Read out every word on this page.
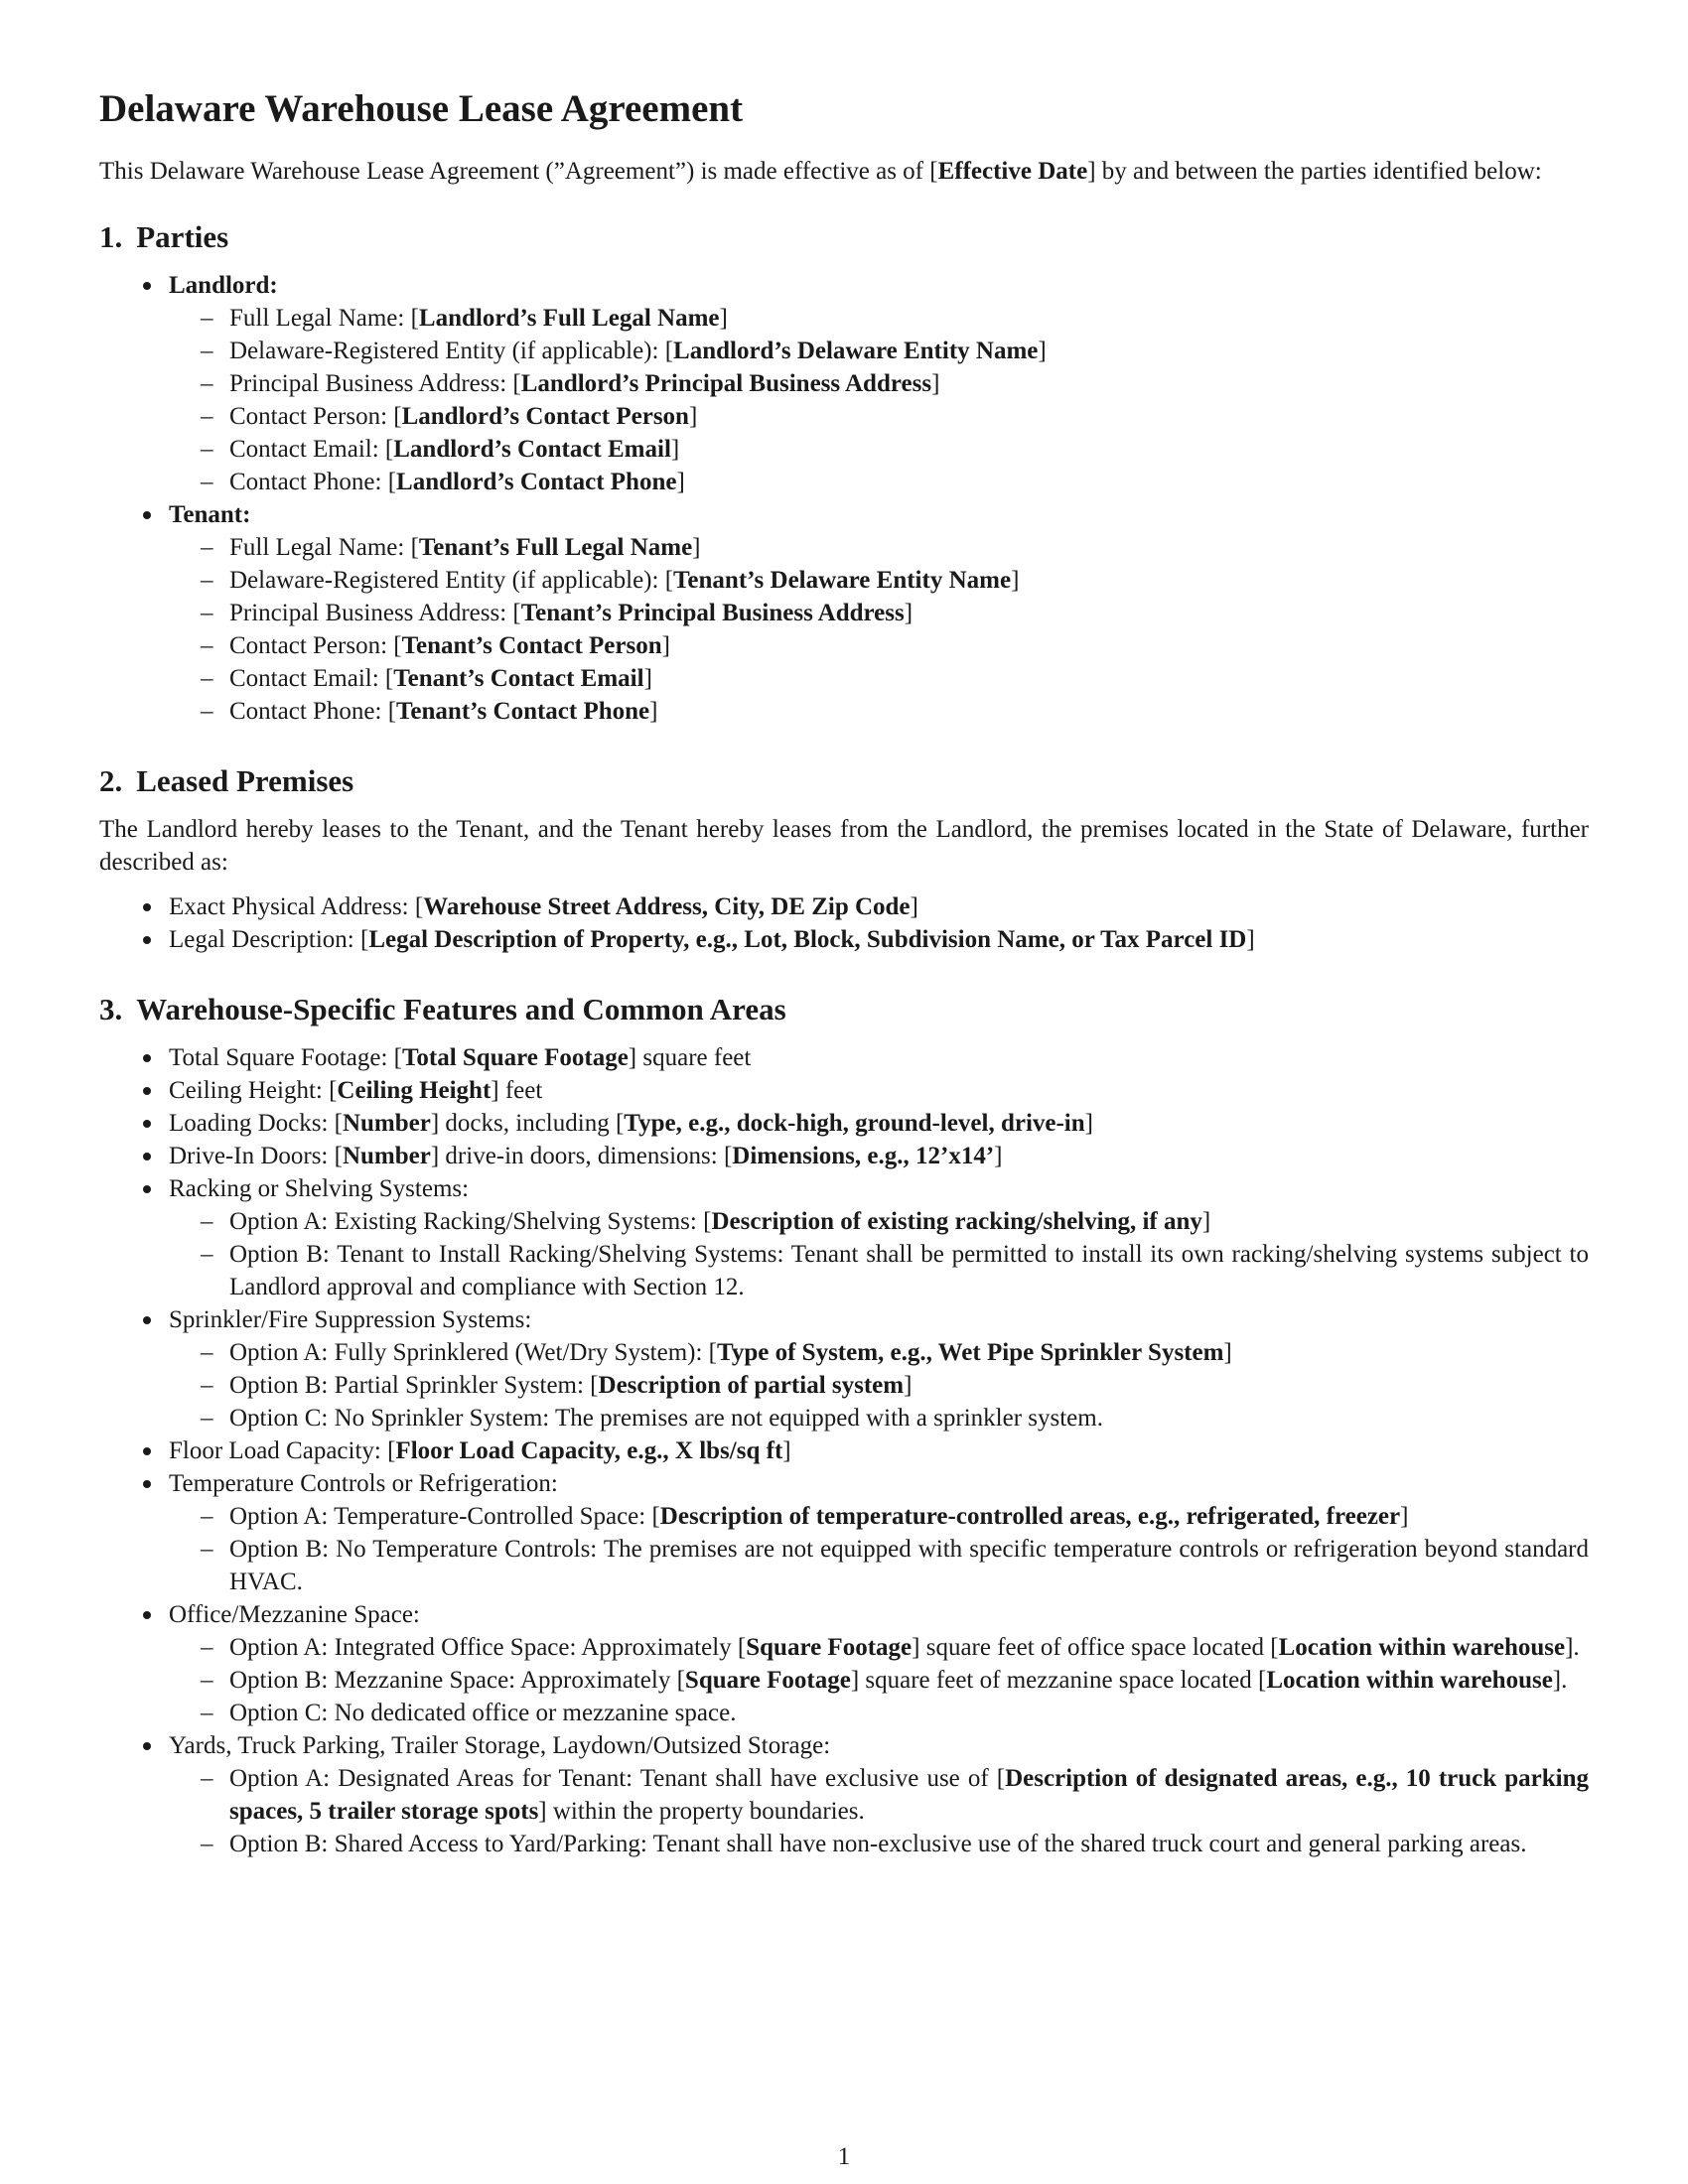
Delaware Warehouse Lease Agreement

This Delaware Warehouse Lease Agreement (”Agreement”) is made effective as of [Effective Date] by and between the parties identified below:

1. Parties
Landlord:
– Full Legal Name: [Landlord’s Full Legal Name]
– Delaware-Registered Entity (if applicable): [Landlord’s Delaware Entity Name]
– Principal Business Address: [Landlord’s Principal Business Address]
– Contact Person: [Landlord’s Contact Person]
– Contact Email: [Landlord’s Contact Email]
– Contact Phone: [Landlord’s Contact Phone]
Tenant:
– Full Legal Name: [Tenant’s Full Legal Name]
– Delaware-Registered Entity (if applicable): [Tenant’s Delaware Entity Name]
– Principal Business Address: [Tenant’s Principal Business Address]
– Contact Person: [Tenant’s Contact Person]
– Contact Email: [Tenant’s Contact Email]
– Contact Phone: [Tenant’s Contact Phone]
2. Leased Premises

The Landlord hereby leases to the Tenant, and the Tenant hereby leases from the Landlord, the premises located in the State of Delaware, further described as:

Exact Physical Address: [Warehouse Street Address, City, DE Zip Code]
Legal Description: [Legal Description of Property, e.g., Lot, Block, Subdivision Name, or Tax Parcel ID]
3. Warehouse-Specific Features and Common Areas
Total Square Footage: [Total Square Footage] square feet
Ceiling Height: [Ceiling Height] feet
Loading Docks: [Number] docks, including [Type, e.g., dock-high, ground-level, drive-in]
Drive-In Doors: [Number] drive-in doors, dimensions: [Dimensions, e.g., 12’x14’]
Racking or Shelving Systems:
– Option A: Existing Racking/Shelving Systems: [Description of existing racking/shelving, if any]
– Option B: Tenant to Install Racking/Shelving Systems: Tenant shall be permitted to install its own racking/shelving systems subject to Landlord approval and compliance with Section 12.
Sprinkler/Fire Suppression Systems:
– Option A: Fully Sprinklered (Wet/Dry System): [Type of System, e.g., Wet Pipe Sprinkler System]
– Option B: Partial Sprinkler System: [Description of partial system]
– Option C: No Sprinkler System: The premises are not equipped with a sprinkler system.
Floor Load Capacity: [Floor Load Capacity, e.g., X lbs/sq ft]
Temperature Controls or Refrigeration:
– Option A: Temperature-Controlled Space: [Description of temperature-controlled areas, e.g., refrigerated, freezer]
– Option B: No Temperature Controls: The premises are not equipped with specific temperature controls or refrigeration beyond standard HVAC.
Office/Mezzanine Space:
– Option A: Integrated Office Space: Approximately [Square Footage] square feet of office space located [Location within warehouse].
– Option B: Mezzanine Space: Approximately [Square Footage] square feet of mezzanine space located [Location within warehouse].
– Option C: No dedicated office or mezzanine space.
Yards, Truck Parking, Trailer Storage, Laydown/Outsized Storage:
– Option A: Designated Areas for Tenant: Tenant shall have exclusive use of [Description of designated areas, e.g., 10 truck parking spaces, 5 trailer storage spots] within the property boundaries.
– Option B: Shared Access to Yard/Parking: Tenant shall have non-exclusive use of the shared truck court and general parking areas.
1
